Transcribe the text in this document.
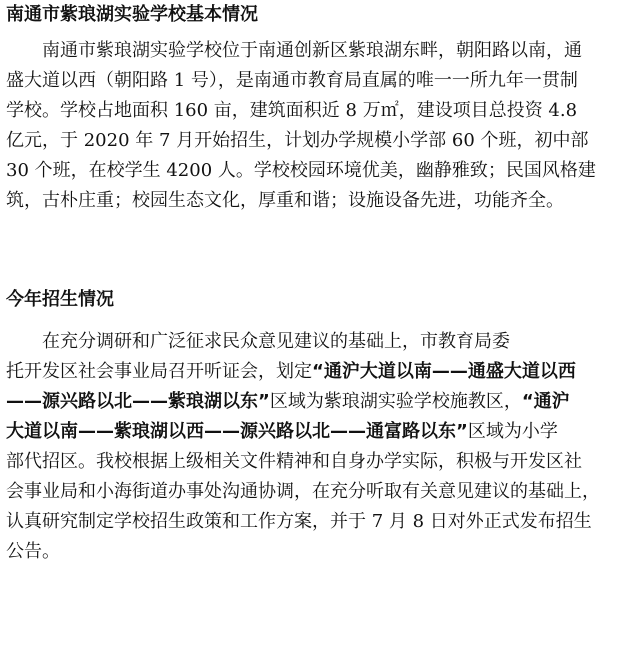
南通市紫琅湖实验学校基本情况
南通市紫琅湖实验学校位于南通创新区紫琅湖东畔，朝阳路以南，通
盛大道以西（朝阳路 1 号），是南通市教育局直属的唯一一所九年一贯制
学校。学校占地面积 160 亩，建筑面积近 8 万㎡，建设项目总投资 4.8
亿元，于 2020 年 7 月开始招生，计划办学规模小学部 60 个班，初中部
30 个班，在校学生 4200 人。学校校园环境优美，幽静雅致；民国风格建
筑，古朴庄重；校园生态文化，厚重和谐；设施设备先进，功能齐全。
今年招生情况
在充分调研和广泛征求民众意见建议的基础上，市教育局委
托开发区社会事业局召开听证会，划定“通沪大道以南——通盛大道以西
——源兴路以北——紫琅湖以东”区域为紫琅湖实验学校施教区，“通沪
大道以南——紫琅湖以西——源兴路以北——通富路以东”区域为小学
部代招区。我校根据上级相关文件精神和自身办学实际，积极与开发区社
会事业局和小海街道办事处沟通协调，在充分听取有关意见建议的基础上，
认真研究制定学校招生政策和工作方案，并于 7 月 8 日对外正式发布招生
公告。
